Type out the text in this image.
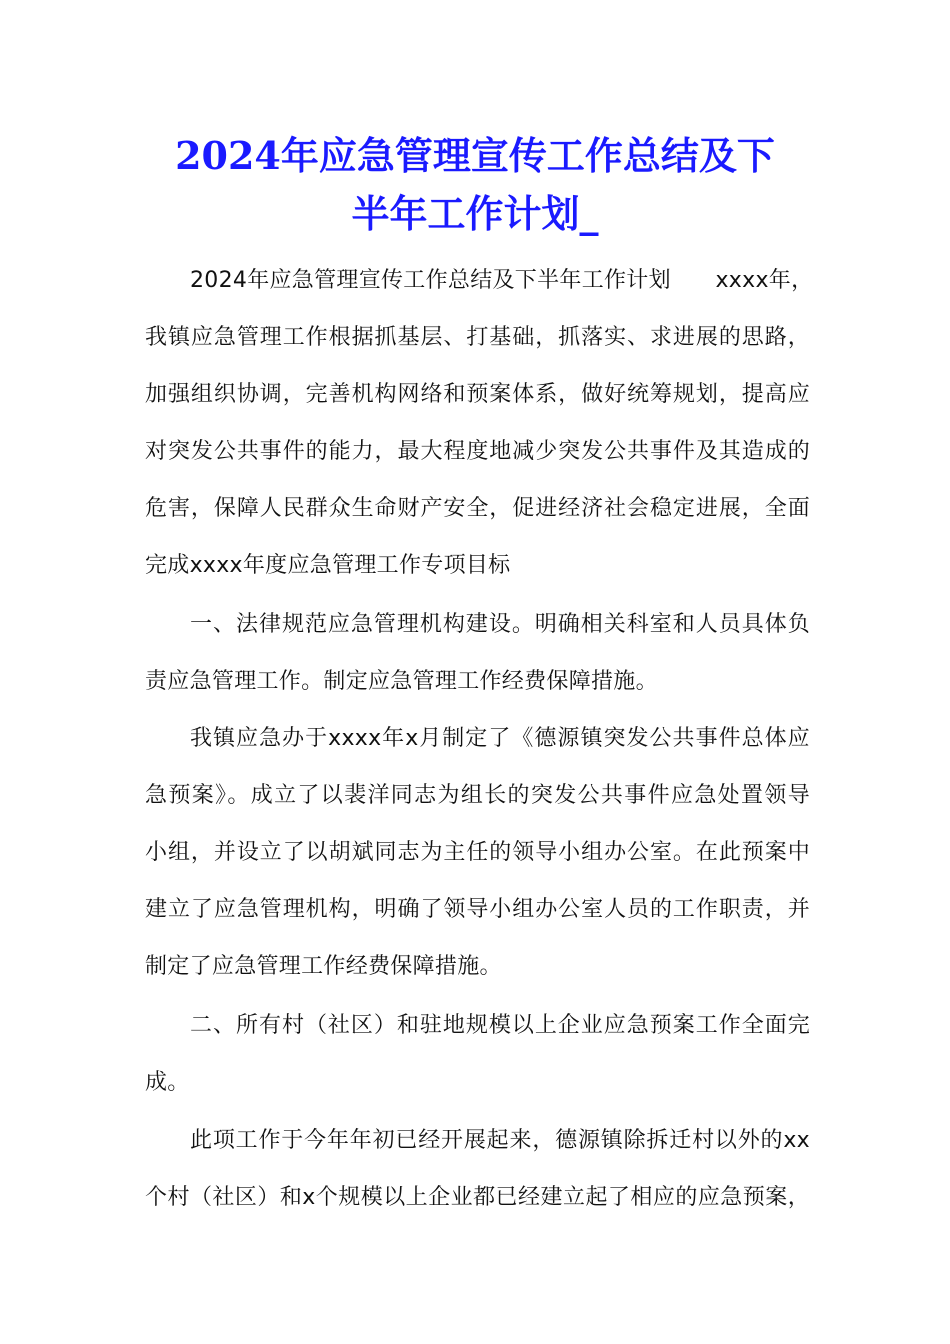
2024年应急管理宣传工作总结及下
半年工作计划_
2024年应急管理宣传工作总结及下半年工作计划　　xxxx年，
我镇应急管理工作根据抓基层、打基础，抓落实、求进展的思路，
加强组织协调，完善机构网络和预案体系，做好统筹规划，提高应
对突发公共事件的能力，最大程度地减少突发公共事件及其造成的
危害，保障人民群众生命财产安全，促进经济社会稳定进展，全面
完成xxxx年度应急管理工作专项目标
一、法律规范应急管理机构建设。明确相关科室和人员具体负
责应急管理工作。制定应急管理工作经费保障措施。
我镇应急办于xxxx年x月制定了《德源镇突发公共事件总体应
急预案》。成立了以裴洋同志为组长的突发公共事件应急处置领导
小组，并设立了以胡斌同志为主任的领导小组办公室。在此预案中
建立了应急管理机构，明确了领导小组办公室人员的工作职责，并
制定了应急管理工作经费保障措施。
二、所有村（社区）和驻地规模以上企业应急预案工作全面完
成。
此项工作于今年年初已经开展起来，德源镇除拆迁村以外的xx
个村（社区）和x个规模以上企业都已经建立起了相应的应急预案，
